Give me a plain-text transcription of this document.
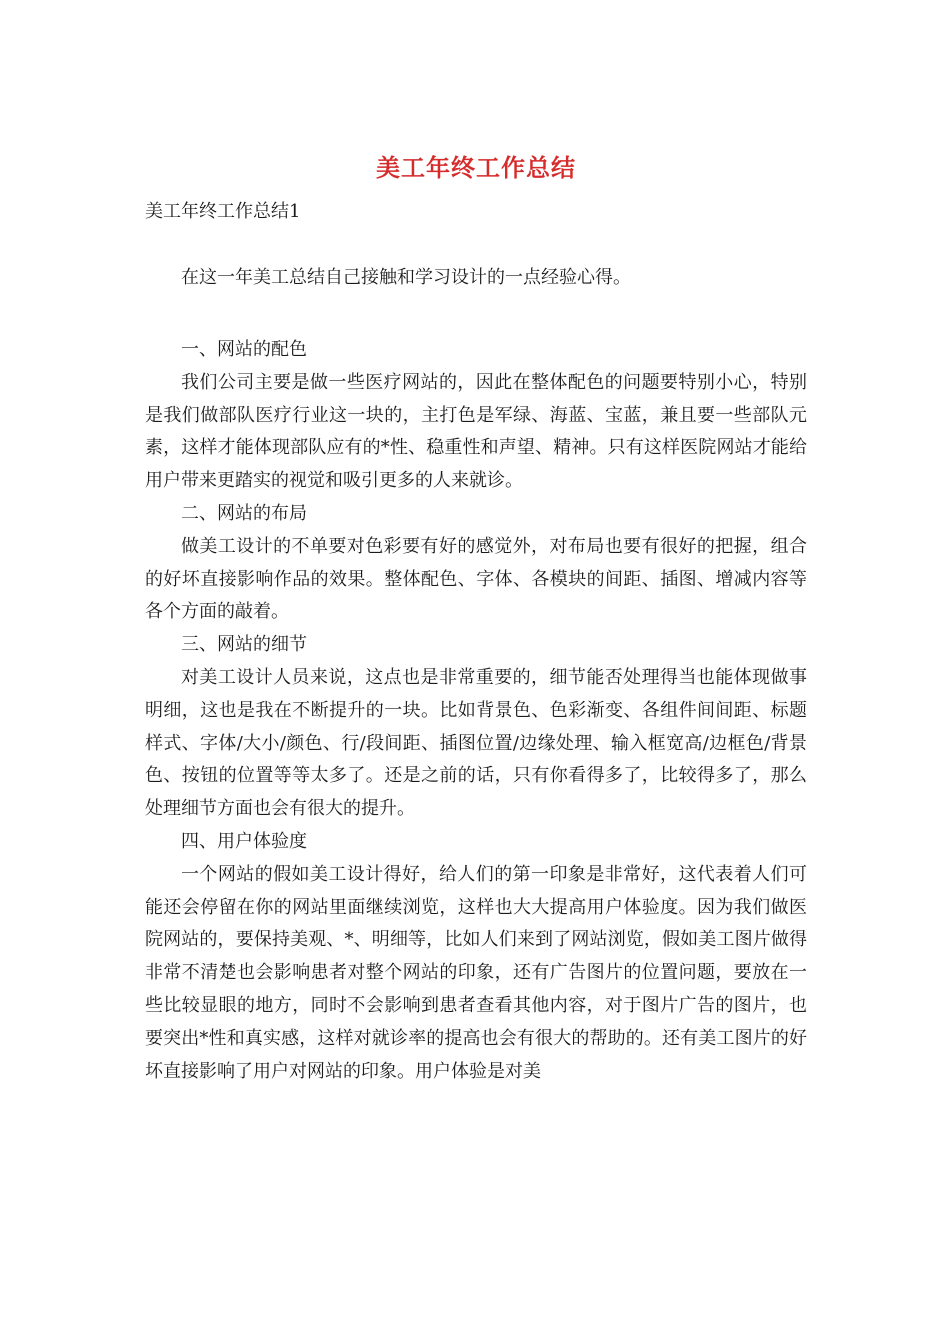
美工年终工作总结
美工年终工作总结1
在这一年美工总结自己接触和学习设计的一点经验心得。

一、网站的配色

我们公司主要是做一些医疗网站的，因此在整体配色的问题要特别小心，特别是我们做部队医疗行业这一块的，主打色是军绿、海蓝、宝蓝，兼且要一些部队元素，这样才能体现部队应有的*性、稳重性和声望、精神。只有这样医院网站才能给用户带来更踏实的视觉和吸引更多的人来就诊。

二、网站的布局

做美工设计的不单要对色彩要有好的感觉外，对布局也要有很好的把握，组合的好坏直接影响作品的效果。整体配色、字体、各模块的间距、插图、增减内容等各个方面的敲着。

三、网站的细节

对美工设计人员来说，这点也是非常重要的，细节能否处理得当也能体现做事明细，这也是我在不断提升的一块。比如背景色、色彩渐变、各组件间间距、标题样式、字体/大小/颜色、行/段间距、插图位置/边缘处理、输入框宽高/边框色/背景色、按钮的位置等等太多了。还是之前的话，只有你看得多了，比较得多了，那么处理细节方面也会有很大的提升。

四、用户体验度

一个网站的假如美工设计得好，给人们的第一印象是非常好，这代表着人们可能还会停留在你的网站里面继续浏览，这样也大大提高用户体验度。因为我们做医院网站的，要保持美观、*、明细等，比如人们来到了网站浏览，假如美工图片做得非常不清楚也会影响患者对整个网站的印象，还有广告图片的位置问题，要放在一些比较显眼的地方，同时不会影响到患者查看其他内容，对于图片广告的图片，也要突出*性和真实感，这样对就诊率的提高也会有很大的帮助的。还有美工图片的好坏直接影响了用户对网站的印象。用户体验是对美
